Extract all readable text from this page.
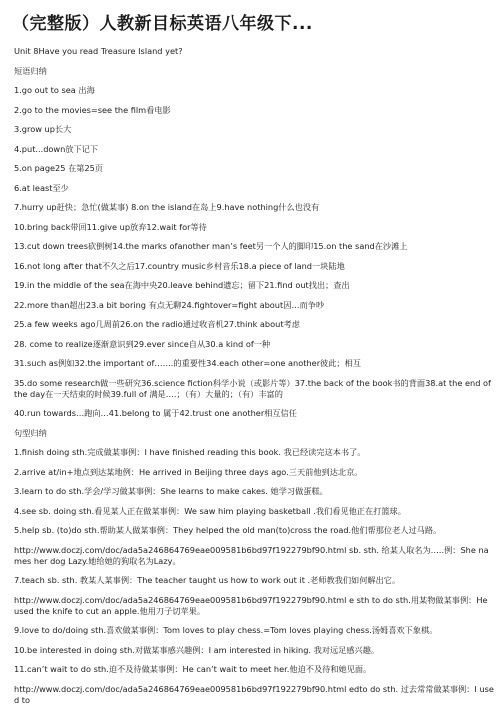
（完整版）人教新目标英语八年级下...

Unit 8Have you read Treasure Island yet?

短语归纳

1.go out to sea 出海

2.go to the movies=see the film看电影

3.grow up长大

4.put...down放下记下

5.on page25 在第25页

6.at least至少

7.hurry up赶快；急忙(做某事) 8.on the island在岛上9.have nothing什么也没有

10.bring back带回11.give up放弃12.wait for等待

13.cut down trees砍倒树14.the marks ofanother man’s feet另一个人的脚印15.on the sand在沙滩上

16.not long after that不久之后17.country music乡村音乐18.a piece of land一块陆地

19.in the middle of the sea在海中央20.leave behind遗忘；留下21.find out找出；查出

22.more than超出23.a bit boring 有点无聊24.fightover=fight about因…而争吵

25.a few weeks ago几周前26.on the radio通过收音机27.think about考虑

28. come to realize逐渐意识到29.ever since自从30.a kind of一种

31.such as例如32.the important of…….的重要性34.each other=one another彼此；相互

35.do some research做一些研究36.science fiction科学小说（或影片等）37.the back of the book书的背面38.at the end of the day在一天结束的时候39.full of 满是….；（有）大量的；（有）丰富的

40.run towards…跑向…41.belong to 属于42.trust one another相互信任

句型归纳

1.finish doing sth.完成做某事例：I have finished reading this book. 我已经读完这本书了。

2.arrive at/in+地点到达某地例：He arrived in Beijing three days ago.三天前他到达北京。

3.learn to do sth.学会/学习做某事例：She learns to make cakes. 她学习做蛋糕。

4.see sb. doing sth.看见某人正在做某事例：We saw him playing basketball .我们看见他正在打篮球。

5.help sb. (to)do sth.帮助某人做某事例：They helped the old man(to)cross the road.他们帮那位老人过马路。

http://www.doczj.com/doc/ada5a246864769eae009581b6bd97f192279bf90.html sb. sth. 给某人取名为…..例：She names her dog Lazy.她给她的狗取名为Lazy。

7.teach sb. sth. 教某人某事例：The teacher taught us how to work out it .老师教我们如何解出它。

http://www.doczj.com/doc/ada5a246864769eae009581b6bd97f192279bf90.html e sth to do sth.用某物做某事例：He used the knife to cut an apple.他用刀子切苹果。

9.love to do/doing sth.喜欢做某事例：Tom loves to play chess.=Tom loves playing chess.汤姆喜欢下象棋。

10.be interested in doing sth.对做某事感兴趣例：I am interested in hiking. 我对远足感兴趣。

11.can’t wait to do sth.迫不及待做某事例：He can’t wait to meet her.他迫不及待和她见面。

http://www.doczj.com/doc/ada5a246864769eae009581b6bd97f192279bf90.html edto do sth. 过去常常做某事例：I used to
